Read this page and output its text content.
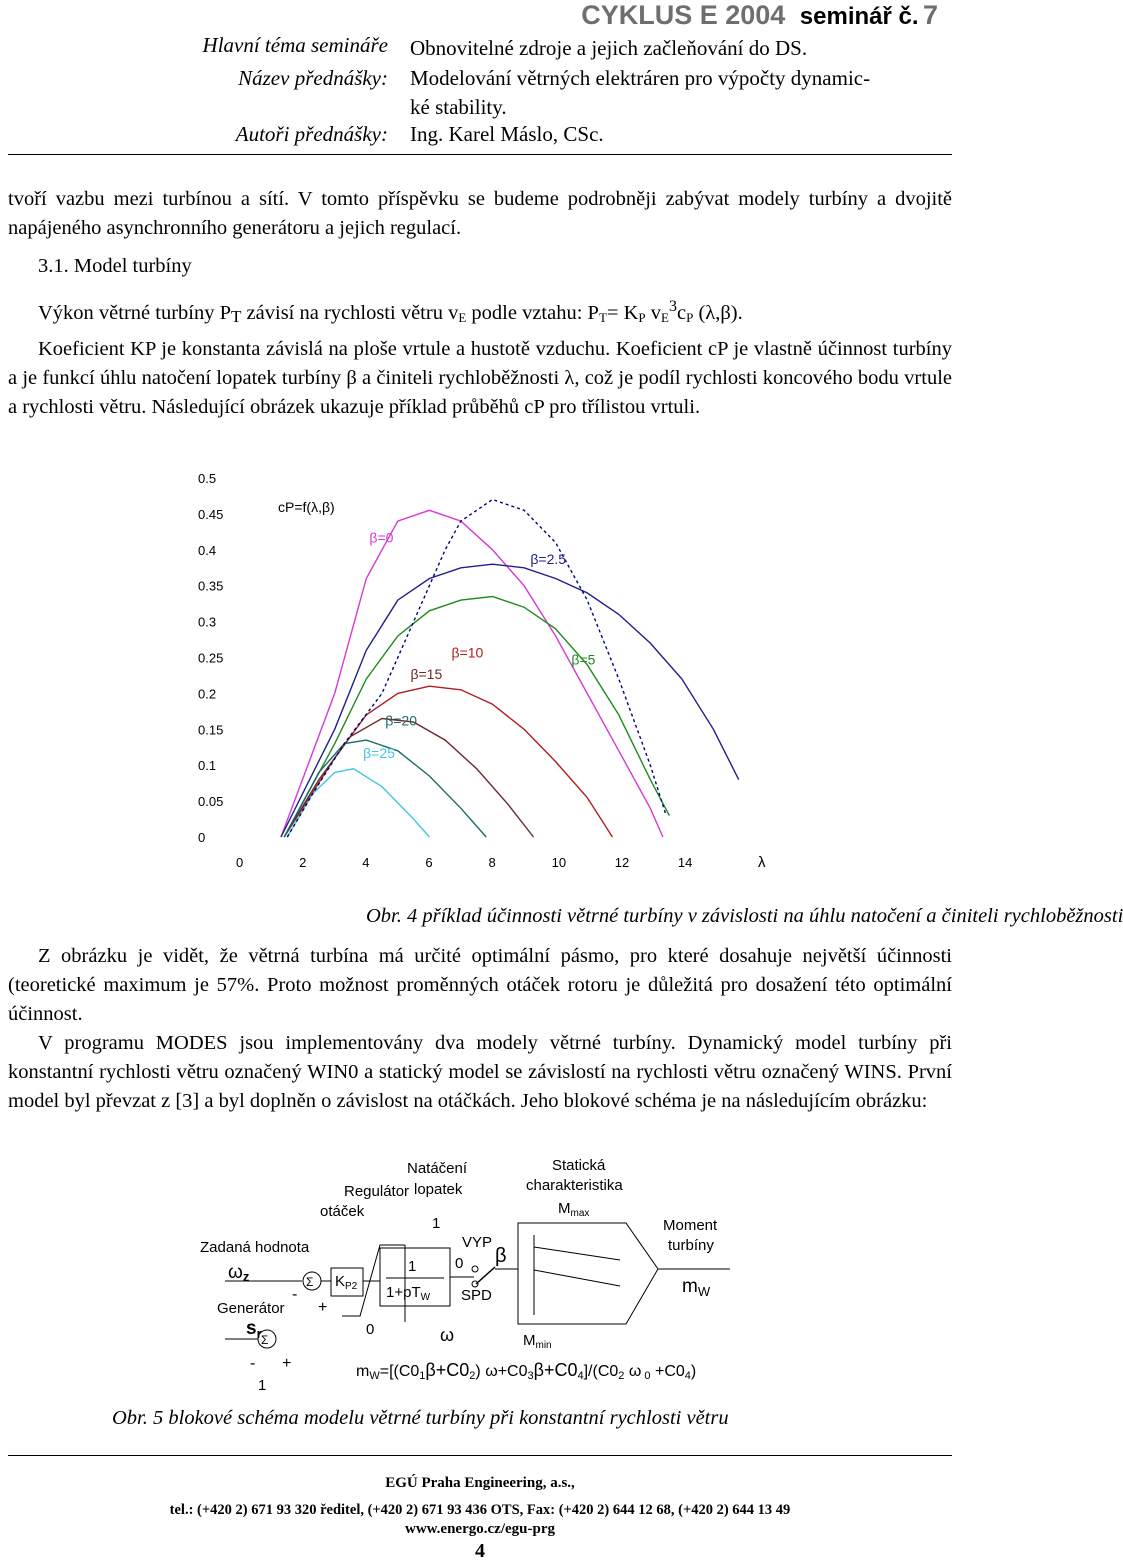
CYKLUS E 2004 seminář č. 7
Hlavní téma semináře Obnovitelné zdroje a jejich začleňování do DS.
Název přednášky: Modelování větrných elektráren pro výpočty dynamic-
ké stability.
Autoři přednášky: Ing. Karel Máslo, CSc.
tvoří vazbu mezi turbínou a sítí. V tomto příspěvku se budeme podrobněji zabývat modely turbíny a dvojitě napájeného asynchronního generátoru a jejich regulací.
3.1. Model turbíny
Výkon větrné turbíny $P_T$ závisí na rychlosti větru $v_E$ podle vztahu: $P_T= K_P$ $v_E^3c_P$ (λ,β).
Koeficient KP je konstanta závislá na ploše vrtule a hustotě vzduchu. Koeficient cP je vlastně účinnost turbíny a je funkcí úhlu natočení lopatek turbíny β a činiteli rychloběžnosti λ, což je podíl rychlosti koncového bodu vrtule a rychlosti větru. Následující obrázek ukazuje příklad průběhů cP pro třílistou vrtuli.
0
0.05
0.1
0.15
0.2
0.25
0.3
0.35
0.4
0.45
0.5
0	2	4	6	8	10	12	14	λ
β=0
β=2.5
β=10	β=5
β=15
β=20
β=25
cP=f(λ,β)
Obr. 4 příklad účinnosti větrné turbíny v závislosti na úhlu natočení a činiteli rychloběžnosti
Z obrázku je vidět, že větrná turbína má určité optimální pásmo, pro které dosahuje největší účinnosti (teoretické maximum je 57%. Proto možnost proměnných otáček rotoru je důležitá pro dosažení této optimální účinnost.
V programu MODES jsou implementovány dva modely větrné turbíny. Dynamický model turbíny při konstantní rychlosti větru označený WIN0 a statický model se závislostí na rychlosti větru označený WINS. První model byl převzat z [3] a byl doplněn o závislost na otáčkách. Jeho blokové schéma je na následujícím obrázku:
Regulátor
otáček
Natáčení
lopatek
Statická
charakteristika
$M_{max}$
Moment
turbíny
Zadaná hodnota
Generátor
ωz
$s_r$
$m_W$
Σ
-
+
$K_{P2}$
1
0
1
$1+pT_W$
VYP
0 β
SPD
ω	$M_{min}$
Σ
- +
1
mW=[(C01β+C02) ω+C03β+C04]/(C02 ω 0 +C04)
Obr. 5 blokové schéma modelu větrné turbíny při konstantní rychlosti větru
EGÚ Praha Engineering, a.s.,
tel.: (+420 2) 671 93 320 ředitel, (+420 2) 671 93 436 OTS, Fax: (+420 2) 644 12 68, (+420 2) 644 13 49
www.energo.cz/egu-prg
4
